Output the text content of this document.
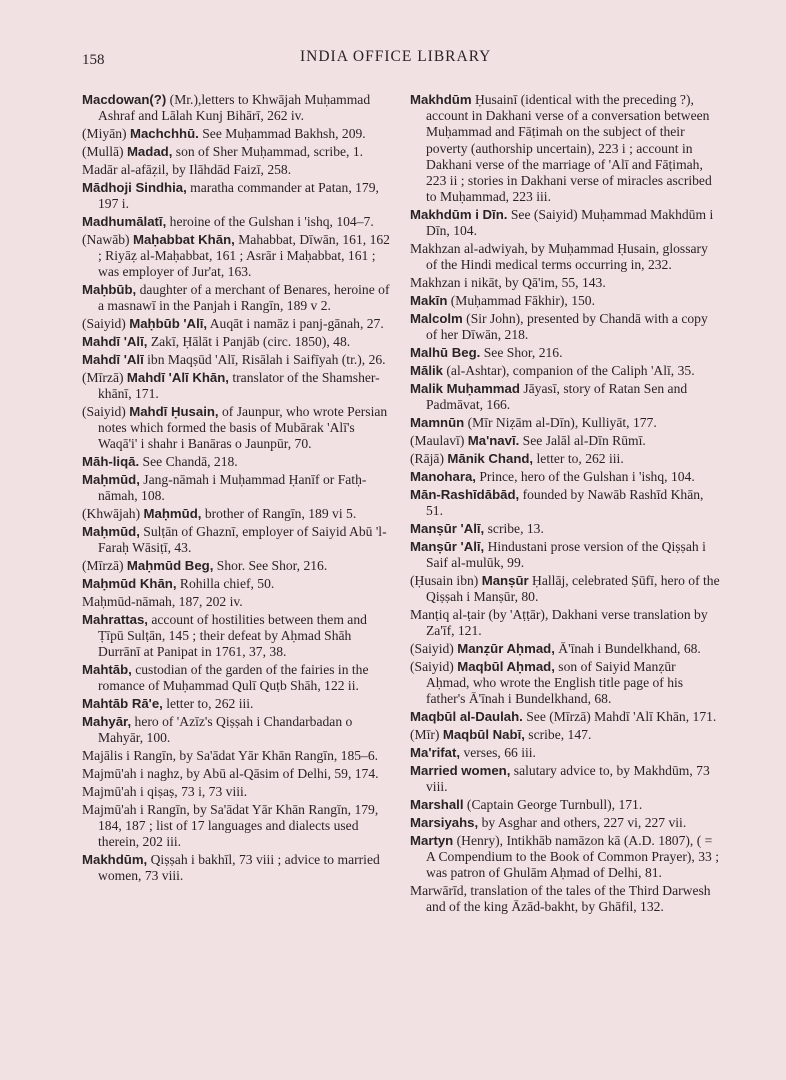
158	INDIA OFFICE LIBRARY

Macdowan(?) (Mr.),letters to Khwājah Muḥammad Ashraf and Lālah Kunj Bihārī, 262 iv.

(Miyān) Machchhū. See Muḥammad Bakhsh, 209.

(Mullā) Madad, son of Sher Muḥammad, scribe, 1.

Madār al-afāẓil, by Ilāhdād Faizī, 258.

Mādhoji Sindhia, maratha commander at Patan, 179, 197 i.

Madhumālatī, heroine of the Gulshan i 'ishq, 104–7.

(Nawāb) Maḥabbat Khān, Mahabbat, Dīwān, 161, 162 ; Riyāẓ al-Maḥabbat, 161 ; Asrār i Maḥabbat, 161 ; was employer of Jur'at, 163.

Maḥbūb, daughter of a merchant of Benares, heroine of a masnawī in the Panjah i Rangīn, 189 v 2.

(Saiyid) Maḥbūb 'Alī, Auqāt i namāz i panj-gānah, 27.

Mahdī 'Alī, Zakī, Ḥālāt i Panjāb (circ. 1850), 48.

Mahdī 'Alī ibn Maqṣūd 'Alī, Risālah i Saifīyah (tr.), 26.

(Mīrzā) Mahdī 'Alī Khān, translator of the Shamsher-khānī, 171.

(Saiyid) Mahdī Ḥusain, of Jaunpur, who wrote Persian notes which formed the basis of Mubārak 'Alī's Waqā'i' i shahr i Banāras o Jaunpūr, 70.

Māh-liqā. See Chandā, 218.

Maḥmūd, Jang-nāmah i Muḥammad Ḥanīf or Fatḥ-nāmah, 108.

(Khwājah) Maḥmūd, brother of Rangīn, 189 vi 5.

Maḥmūd, Sulṭān of Ghaznī, employer of Saiyid Abū 'l-Faraḥ Wāsiṭī, 43.

(Mīrzā) Maḥmūd Beg, Shor. See Shor, 216.

Maḥmūd Khān, Rohilla chief, 50.

Maḥmūd-nāmah, 187, 202 iv.

Mahrattas, account of hostilities between them and Ṭīpū Sulṭān, 145 ; their defeat by Aḥmad Shāh Durrānī at Panipat in 1761, 37, 38.

Mahtāb, custodian of the garden of the fairies in the romance of Muḥammad Qulī Quṭb Shāh, 122 ii.

Mahtāb Rā'e, letter to, 262 iii.

Mahyār, hero of 'Azīz's Qiṣṣah i Chandarbadan o Mahyār, 100.

Majālis i Rangīn, by Sa'ādat Yār Khān Rangīn, 185–6.

Majmū'ah i naghz, by Abū al-Qāsim of Delhi, 59, 174.

Majmū'ah i qiṣaṣ, 73 i, 73 viii.

Majmū'ah i Rangīn, by Sa'ādat Yār Khān Rangīn, 179, 184, 187 ; list of 17 languages and dialects used therein, 202 iii.

Makhdūm, Qiṣṣah i bakhīl, 73 viii ; advice to married women, 73 viii.

Makhdūm Ḥusainī (identical with the preceding ?), account in Dakhani verse of a conversation between Muḥammad and Fāṭimah on the subject of their poverty (authorship uncertain), 223 i ; account in Dakhani verse of the marriage of 'Alī and Fāṭimah, 223 ii ; stories in Dakhani verse of miracles ascribed to Muḥammad, 223 iii.

Makhdūm i Dīn. See (Saiyid) Muḥammad Makhdūm i Dīn, 104.

Makhzan al-adwiyah, by Muḥammad Ḥusain, glossary of the Hindi medical terms occurring in, 232.

Makhzan i nikāt, by Qā'im, 55, 143.

Makīn (Muḥammad Fākhir), 150.

Malcolm (Sir John), presented by Chandā with a copy of her Dīwān, 218.

Malhū Beg. See Shor, 216.

Mālik (al-Ashtar), companion of the Caliph 'Alī, 35.

Malik Muḥammad Jāyasī, story of Ratan Sen and Padmāvat, 166.

Mamnūn (Mīr Niẓām al-Dīn), Kulliyāt, 177.

(Maulavī) Ma'navī. See Jalāl al-Dīn Rūmī.

(Rājā) Mānik Chand, letter to, 262 iii.

Manohara, Prince, hero of the Gulshan i 'ishq, 104.

Mān-Rashīdābād, founded by Nawāb Rashīd Khān, 51.

Manṣūr 'Alī, scribe, 13.

Manṣūr 'Alī, Hindustani prose version of the Qiṣṣah i Saif al-mulūk, 99.

(Ḥusain ibn) Manṣūr Ḥallāj, celebrated Ṣūfī, hero of the Qiṣṣah i Manṣūr, 80.

Manṭiq al-ṭair (by 'Aṭṭār), Dakhani verse translation by Za'īf, 121.

(Saiyid) Manẓūr Aḥmad, Ā'īnah i Bundelkhand, 68.

(Saiyid) Maqbūl Aḥmad, son of Saiyid Manẓūr Aḥmad, who wrote the English title page of his father's Ā'īnah i Bundelkhand, 68.

Maqbūl al-Daulah. See (Mīrzā) Mahdī 'Alī Khān, 171.

(Mīr) Maqbūl Nabī, scribe, 147.

Ma'rifat, verses, 66 iii.

Married women, salutary advice to, by Makhdūm, 73 viii.

Marshall (Captain George Turnbull), 171.

Marsiyahs, by Asghar and others, 227 vi, 227 vii.

Martyn (Henry), Intikhāb namāzon kā (A.D. 1807), ( = A Compendium to the Book of Common Prayer), 33 ; was patron of Ghulām Aḥmad of Delhi, 81.

Marwārīd, translation of the tales of the Third Darwesh and of the king Āzād-bakht, by Ghāfil, 132.
